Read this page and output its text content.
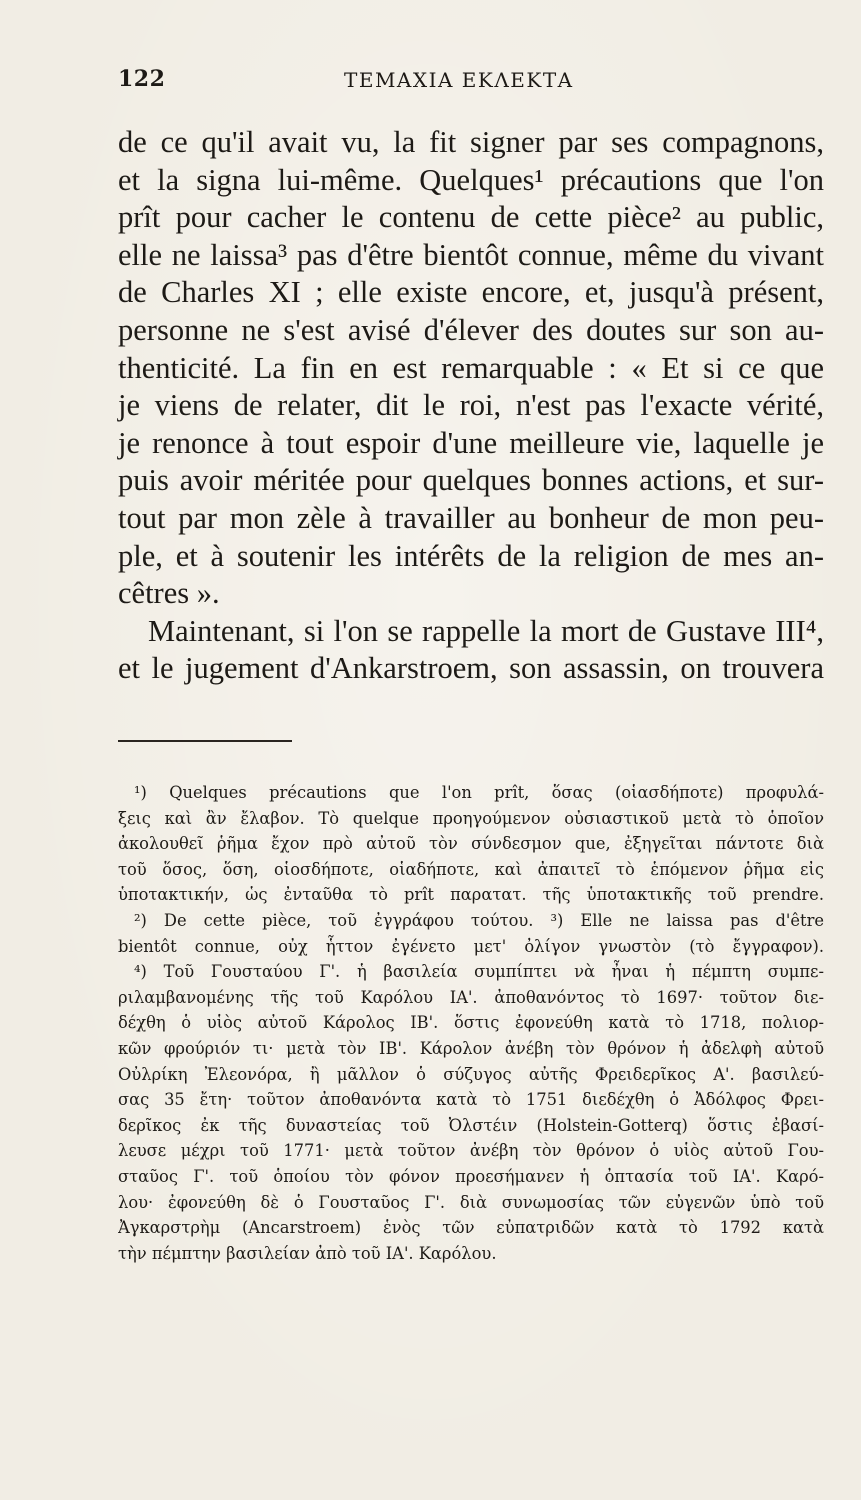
122	ΤΕΜΑΧΙΑ ΕΚΛΕΚΤΑ
de ce qu'il avait vu, la fit signer par ses compagnons,
et la signa lui-même. Quelques¹ précautions que l'on
prît pour cacher le contenu de cette pièce² au public,
elle ne laissa³ pas d'être bientôt connue, même du vivant
de Charles XI ; elle existe encore, et, jusqu'à présent,
personne ne s'est avisé d'élever des doutes sur son au-
thenticité. La fin en est remarquable : « Et si ce que
je viens de relater, dit le roi, n'est pas l'exacte vérité,
je renonce à tout espoir d'une meilleure vie, laquelle je
puis avoir méritée pour quelques bonnes actions, et sur-
tout par mon zèle à travailler au bonheur de mon peu-
ple, et à soutenir les intérêts de la religion de mes an-
cêtres ».
Maintenant, si l'on se rappelle la mort de Gustave III⁴,
et le jugement d'Ankarstroem, son assassin, on trouvera
¹) Quelques précautions que l'on prît, ὅσας (οἱασδήποτε) προφυλά-
ξεις καὶ ἂν ἔλαβον. Τὸ quelque προηγούμενον οὐσιαστικοῦ μετὰ τὸ ὁποῖον
ἀκολουθεῖ ῥῆμα ἔχον πρὸ αὐτοῦ τὸν σύνδεσμον que, ἐξηγεῖται πάντοτε διὰ
τοῦ ὅσος, ὅση, οἱοσδήποτε, οἱαδήποτε, καὶ ἀπαιτεῖ τὸ ἑπόμενον ῥῆμα εἰς
ὑποτακτικήν, ὡς ἐνταῦθα τὸ prît παρατατ. τῆς ὑποτακτικῆς τοῦ prendre.
²) De cette pièce, τοῦ ἐγγράφου τούτου. ³) Elle ne laissa pas d'être
bientôt connue, οὐχ ἧττον ἐγένετο μετ' ὀλίγον γνωστὸν (τὸ ἔγγραφον).
⁴) Τοῦ Γουσταύου Γ'. ἡ βασιλεία συμπίπτει νὰ ἦναι ἡ πέμπτη συμπε-
ριλαμβανομένης τῆς τοῦ Καρόλου ΙΑ'. ἀποθανόντος τὸ 1697· τοῦτον διε-
δέχθη ὁ υἱὸς αὐτοῦ Κάρολος ΙΒ'. ὅστις ἐφονεύθη κατὰ τὸ 1718, πολιορ-
κῶν φρούριόν τι· μετὰ τὸν ΙΒ'. Κάρολον ἀνέβη τὸν θρόνον ἡ ἀδελφὴ αὐτοῦ
Οὐλρίκη Ἐλεονόρα, ἢ μᾶλλον ὁ σύζυγος αὐτῆς Φρειδερῖκος Α'. βασιλεύ-
σας 35 ἔτη· τοῦτον ἀποθανόντα κατὰ τὸ 1751 διεδέχθη ὁ Ἀδόλφος Φρει-
δερῖκος ἐκ τῆς δυναστείας τοῦ Ὀλστέιν (Holstein-Gotterq) ὅστις ἐβασί-
λευσε μέχρι τοῦ 1771· μετὰ τοῦτον ἀνέβη τὸν θρόνον ὁ υἱὸς αὐτοῦ Γου-
σταῦος Γ'. τοῦ ὁποίου τὸν φόνον προεσήμανεν ἡ ὀπτασία τοῦ ΙΑ'. Καρό-
λου· ἐφονεύθη δὲ ὁ Γουσταῦος Γ'. διὰ συνωμοσίας τῶν εὐγενῶν ὑπὸ τοῦ
Ἀγκαρστρὴμ (Ancarstroem) ἑνὸς τῶν εὐπατριδῶν κατὰ τὸ 1792 κατὰ
τὴν πέμπτην βασιλείαν ἀπὸ τοῦ ΙΑ'. Καρόλου.
